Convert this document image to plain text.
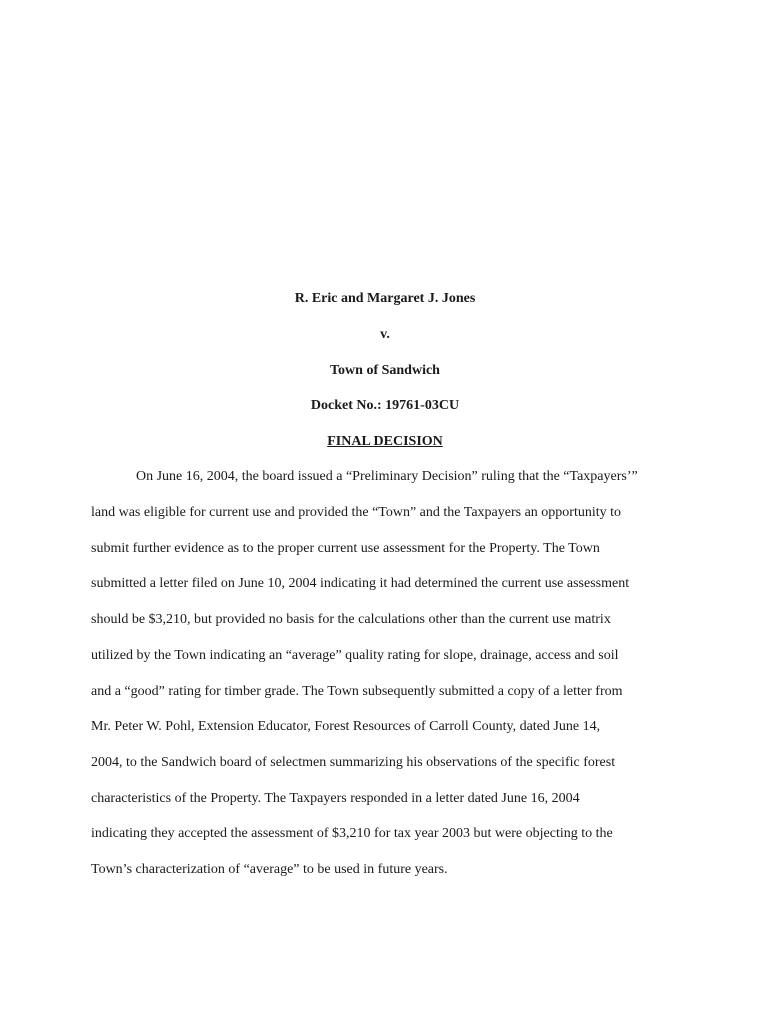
R. Eric and Margaret J. Jones
v.
Town of Sandwich
Docket No.: 19761-03CU
FINAL DECISION
On June 16, 2004, the board issued a “Preliminary Decision” ruling that the “Taxpayers’”
land was eligible for current use and provided the “Town” and the Taxpayers an opportunity to
submit further evidence as to the proper current use assessment for the Property. The Town
submitted a letter filed on June 10, 2004 indicating it had determined the current use assessment
should be $3,210, but provided no basis for the calculations other than the current use matrix
utilized by the Town indicating an “average” quality rating for slope, drainage, access and soil
and a “good” rating for timber grade. The Town subsequently submitted a copy of a letter from
Mr. Peter W. Pohl, Extension Educator, Forest Resources of Carroll County, dated June 14,
2004, to the Sandwich board of selectmen summarizing his observations of the specific forest
characteristics of the Property. The Taxpayers responded in a letter dated June 16, 2004
indicating they accepted the assessment of $3,210 for tax year 2003 but were objecting to the
Town’s characterization of “average” to be used in future years.
